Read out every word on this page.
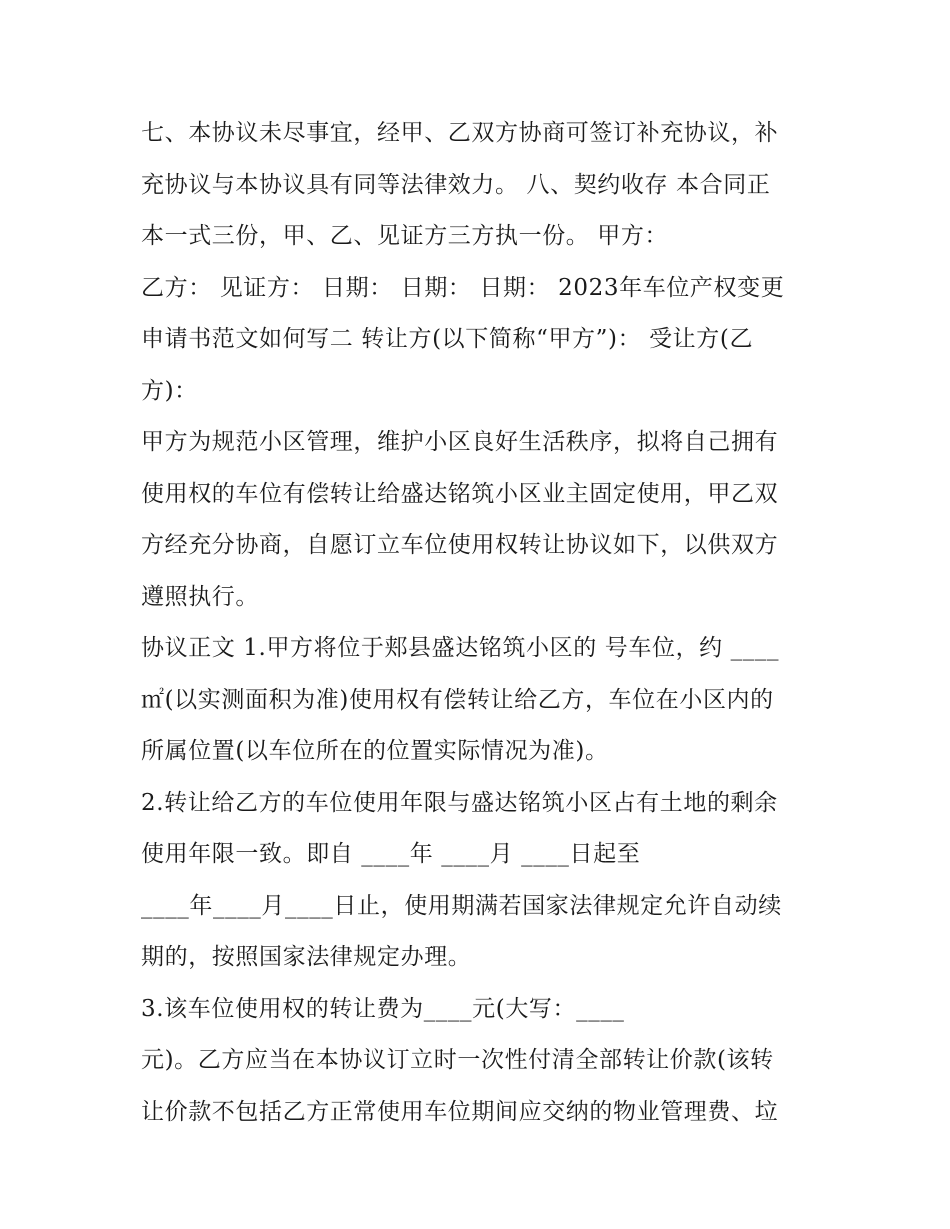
七、本协议未尽事宜，经甲、乙双方协商可签订补充协议，补
充协议与本协议具有同等法律效力。 八、契约收存 本合同正
本一式三份，甲、乙、见证方三方执一份。 甲方：
乙方： 见证方： 日期： 日期： 日期： 2023年车位产权变更
申请书范文如何写二 转让方(以下简称“甲方”)： 受让方(乙
方)：
甲方为规范小区管理，维护小区良好生活秩序，拟将自己拥有
使用权的车位有偿转让给盛达铭筑小区业主固定使用，甲乙双
方经充分协商，自愿订立车位使用权转让协议如下，以供双方
遵照执行。
协议正文 1.甲方将位于郏县盛达铭筑小区的 号车位，约 ____
㎡(以实测面积为准)使用权有偿转让给乙方，车位在小区内的
所属位置(以车位所在的位置实际情况为准)。
2.转让给乙方的车位使用年限与盛达铭筑小区占有土地的剩余
使用年限一致。即自 ____年 ____月 ____日起至
____年____月____日止，使用期满若国家法律规定允许自动续
期的，按照国家法律规定办理。
3.该车位使用权的转让费为____元(大写：____
元)。乙方应当在本协议订立时一次性付清全部转让价款(该转
让价款不包括乙方正常使用车位期间应交纳的物业管理费、垃
